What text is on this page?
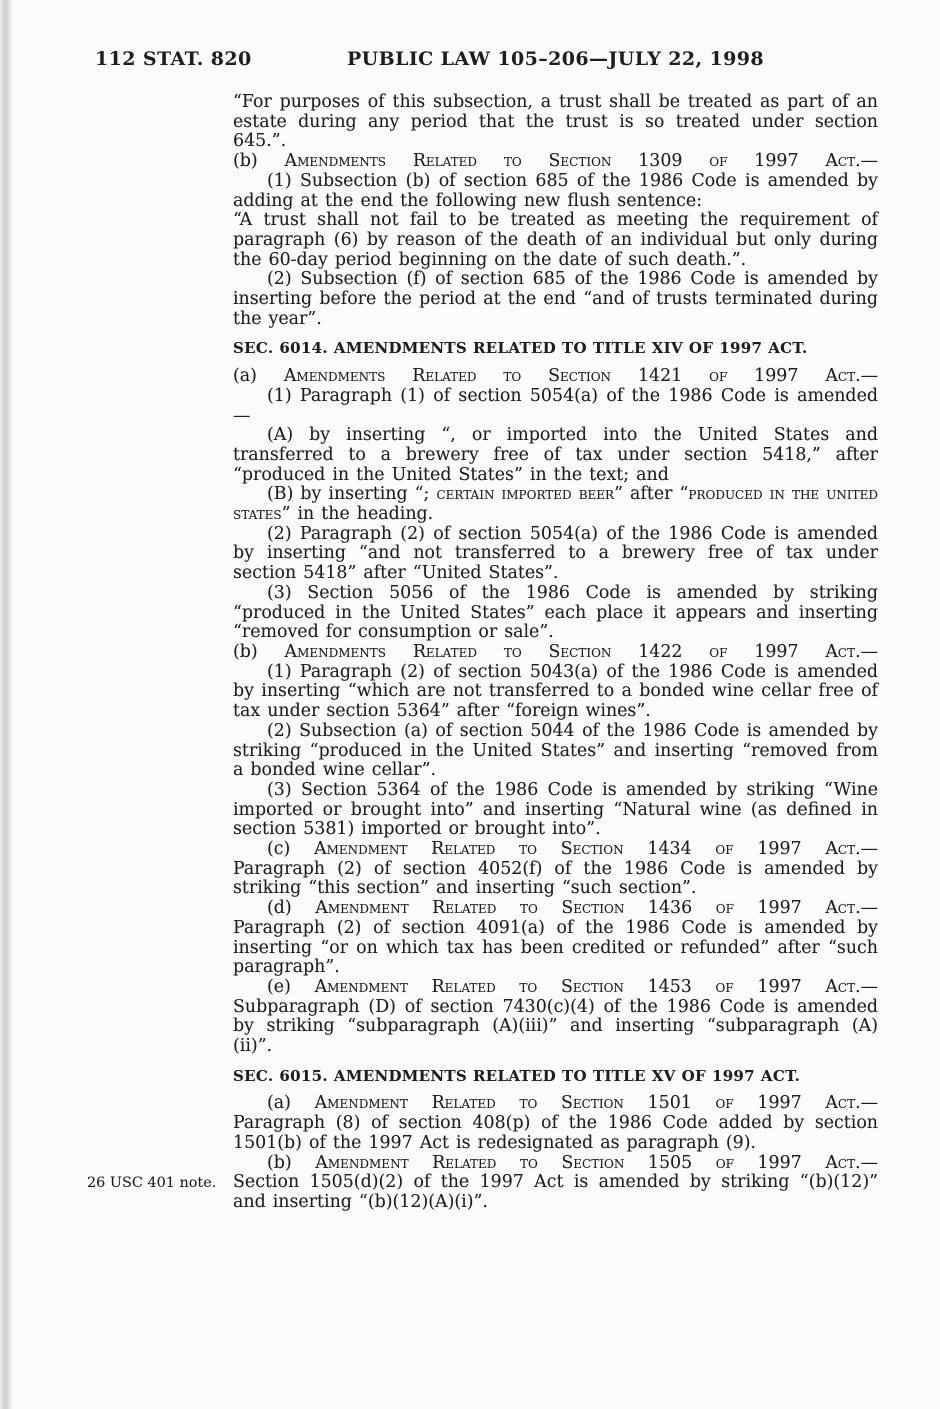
112 STAT. 820	PUBLIC LAW 105–206—JULY 22, 1998

“For purposes of this subsection, a trust shall be treated as part of an estate during any period that the trust is so treated under section 645.”.

(b) Amendments Related to Section 1309 of 1997 Act.—

(1) Subsection (b) of section 685 of the 1986 Code is amended by adding at the end the following new flush sentence:

“A trust shall not fail to be treated as meeting the requirement of paragraph (6) by reason of the death of an individual but only during the 60-day period beginning on the date of such death.”.

(2) Subsection (f) of section 685 of the 1986 Code is amended by inserting before the period at the end “and of trusts terminated during the year”.

SEC. 6014. AMENDMENTS RELATED TO TITLE XIV OF 1997 ACT.

(a) Amendments Related to Section 1421 of 1997 Act.—

(1) Paragraph (1) of section 5054(a) of the 1986 Code is amended—

(A) by inserting “, or imported into the United States and transferred to a brewery free of tax under section 5418,” after “produced in the United States” in the text; and

(B) by inserting “; certain imported beer” after “produced in the united states” in the heading.

(2) Paragraph (2) of section 5054(a) of the 1986 Code is amended by inserting “and not transferred to a brewery free of tax under section 5418” after “United States”.

(3) Section 5056 of the 1986 Code is amended by striking “produced in the United States” each place it appears and inserting “removed for consumption or sale”.

(b) Amendments Related to Section 1422 of 1997 Act.—

(1) Paragraph (2) of section 5043(a) of the 1986 Code is amended by inserting “which are not transferred to a bonded wine cellar free of tax under section 5364” after “foreign wines”.

(2) Subsection (a) of section 5044 of the 1986 Code is amended by striking “produced in the United States” and inserting “removed from a bonded wine cellar”.

(3) Section 5364 of the 1986 Code is amended by striking “Wine imported or brought into” and inserting “Natural wine (as defined in section 5381) imported or brought into”.

(c) Amendment Related to Section 1434 of 1997 Act.—

Paragraph (2) of section 4052(f) of the 1986 Code is amended by striking “this section” and inserting “such section”.

(d) Amendment Related to Section 1436 of 1997 Act.—

Paragraph (2) of section 4091(a) of the 1986 Code is amended by inserting “or on which tax has been credited or refunded” after “such paragraph”.

(e) Amendment Related to Section 1453 of 1997 Act.—

Subparagraph (D) of section 7430(c)(4) of the 1986 Code is amended by striking “subparagraph (A)(iii)” and inserting “subparagraph (A)(ii)”.

SEC. 6015. AMENDMENTS RELATED TO TITLE XV OF 1997 ACT.

(a) Amendment Related to Section 1501 of 1997 Act.—

Paragraph (8) of section 408(p) of the 1986 Code added by section 1501(b) of the 1997 Act is redesignated as paragraph (9).

(b) Amendment Related to Section 1505 of 1997 Act.—

Section 1505(d)(2) of the 1997 Act is amended by striking “(b)(12)” and inserting “(b)(12)(A)(i)”.
26 USC 401 note.
